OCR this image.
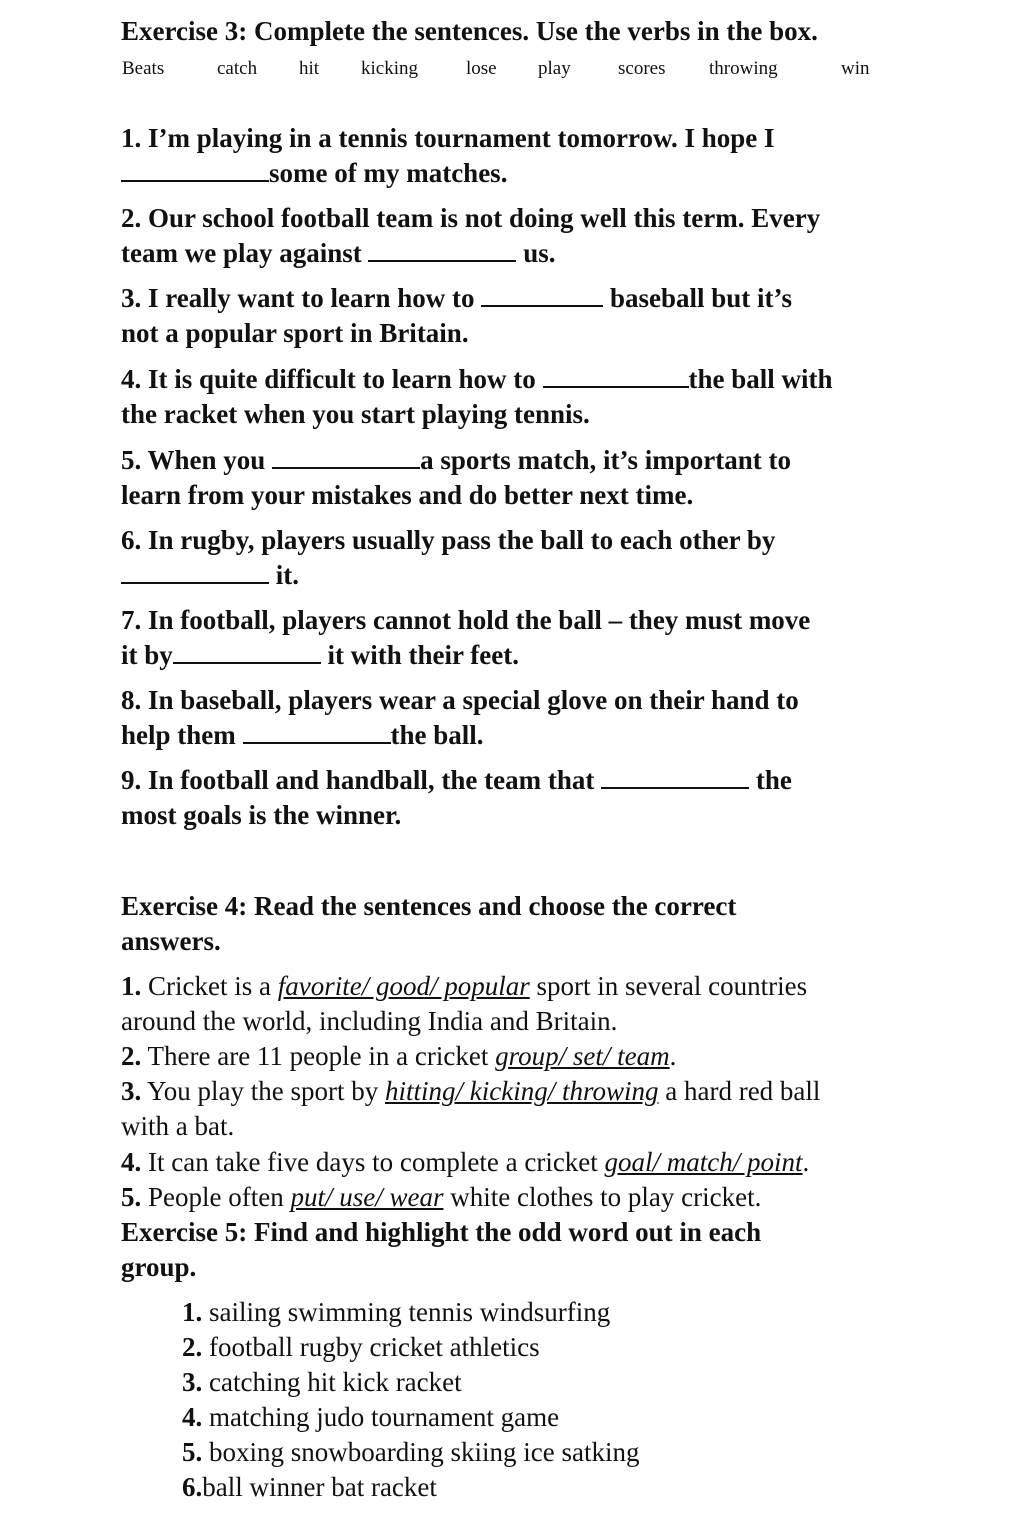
Exercise 3: Complete the sentences. Use the verbs in the box.
Beats	catch hit kicking	lose play scores throwing	win
1. I’m playing in a tennis tournament tomorrow. I hope I
some of my matches.
2. Our school football team is not doing well this term. Every
team we play against	us.
3. I really want to learn how to	baseball but it’s
not a popular sport in Britain.
4. It is quite difficult to learn how to	the ball with
the racket when you start playing tennis.
5. When you	a sports match, it’s important to
learn from your mistakes and do better next time.
6. In rugby, players usually pass the ball to each other by
it.
7. In football, players cannot hold the ball – they must move
it by	it with their feet.
8. In baseball, players wear a special glove on their hand to
help them	the ball.
9. In football and handball, the team that	the
most goals is the winner.
Exercise 4: Read the sentences and choose the correct
answers.
1. Cricket is a favorite/ good/ popular sport in several countries
around the world, including India and Britain.
2. There are 11 people in a cricket group/ set/ team.
3. You play the sport by hitting/ kicking/ throwing a hard red ball
with a bat.
4. It can take five days to complete a cricket goal/ match/ point.
5. People often put/ use/ wear white clothes to play cricket.
Exercise 5: Find and highlight the odd word out in each
group.
1. sailing swimming tennis windsurfing
2. football rugby cricket athletics
3. catching hit kick racket
4. matching judo tournament game
5. boxing snowboarding skiing ice satking
6.ball winner bat racket
